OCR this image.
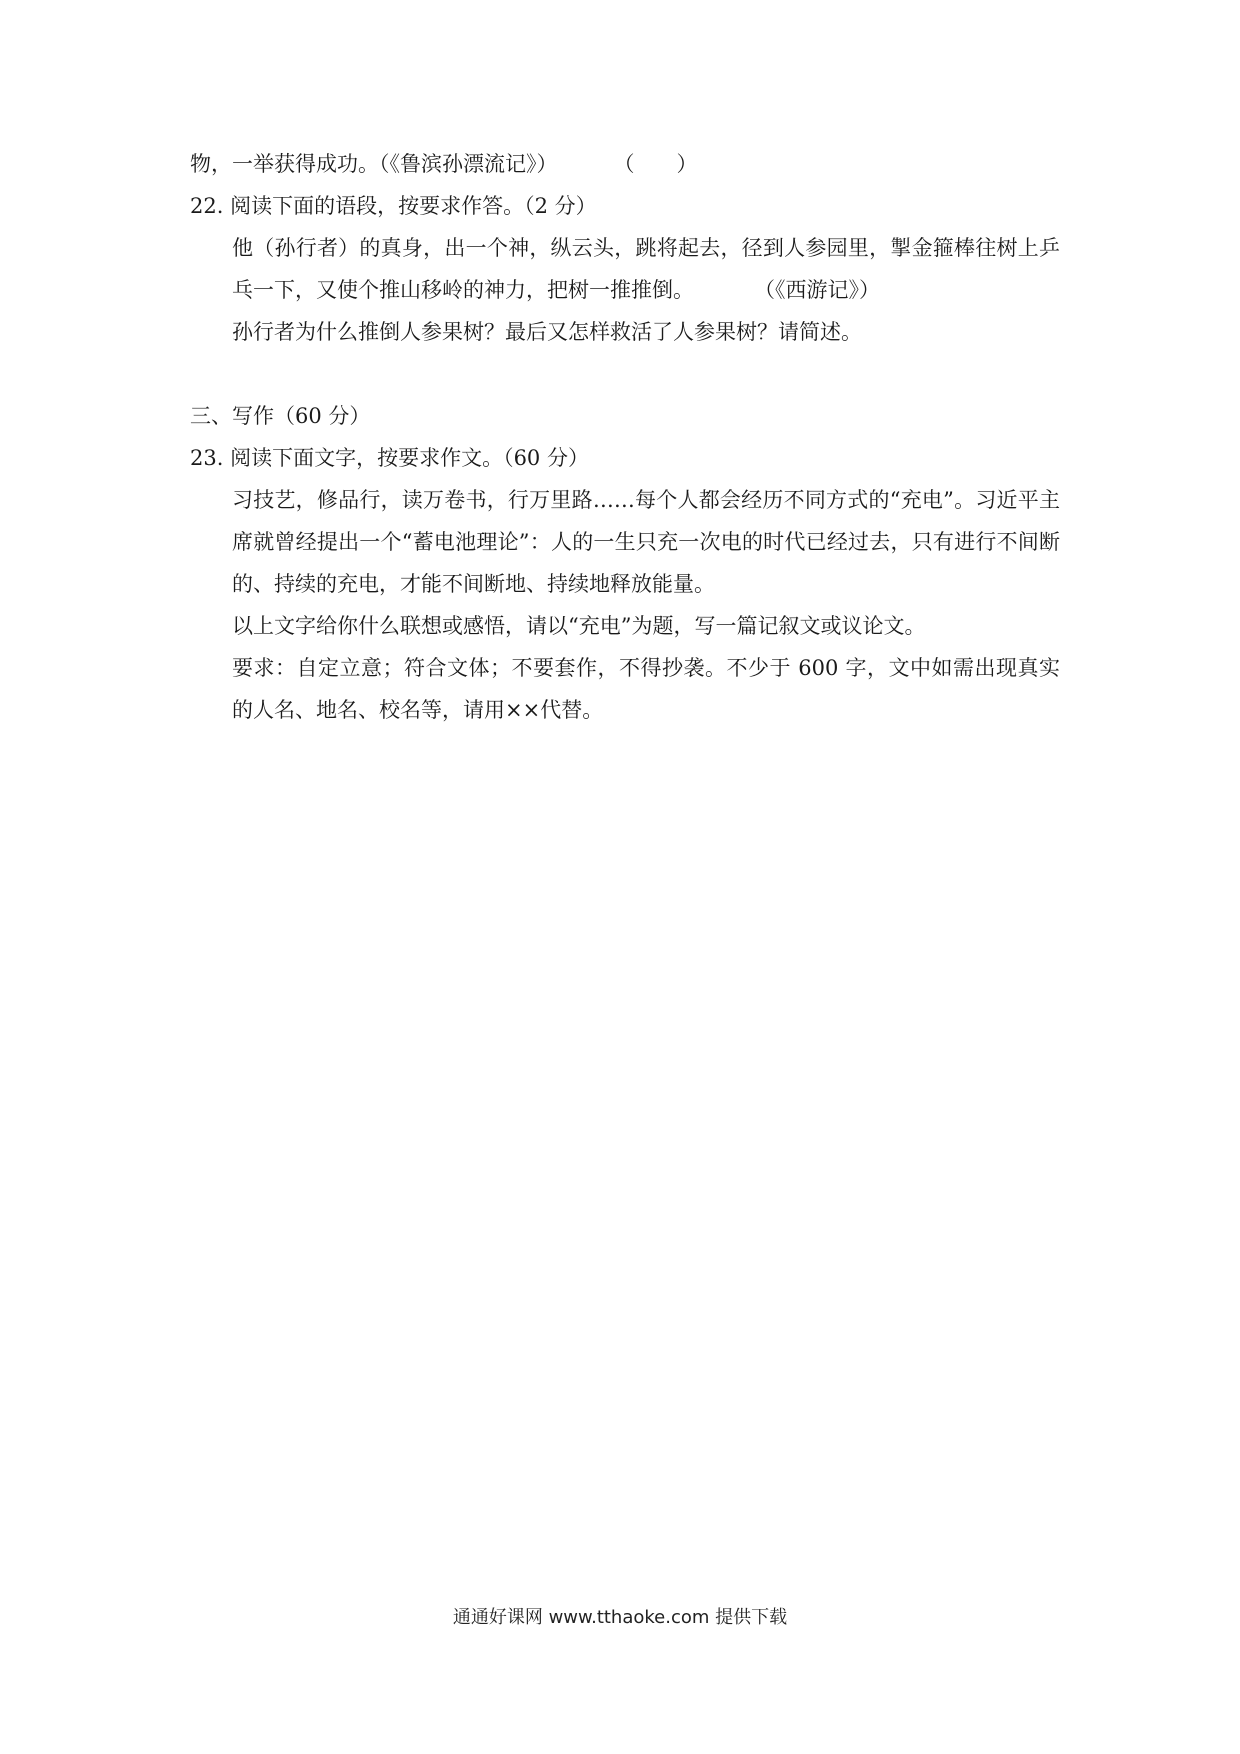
物，一举获得成功。（《鲁滨孙漂流记》）	（　　）

22. 阅读下面的语段，按要求作答。（2 分）

他（孙行者）的真身，出一个神，纵云头，跳将起去，径到人参园里，掣金箍棒往树上乒乓一下，又使个推山移岭的神力，把树一推推倒。	（《西游记》）

孙行者为什么推倒人参果树？最后又怎样救活了人参果树？请简述。

三、写作（60 分）

23. 阅读下面文字，按要求作文。（60 分）

习技艺，修品行，读万卷书，行万里路……每个人都会经历不同方式的“充电”。习近平主席就曾经提出一个“蓄电池理论”：人的一生只充一次电的时代已经过去，只有进行不间断的、持续的充电，才能不间断地、持续地释放能量。

以上文字给你什么联想或感悟，请以“充电”为题，写一篇记叙文或议论文。

要求：自定立意；符合文体；不要套作，不得抄袭。不少于 600 字，文中如需出现真实的人名、地名、校名等，请用××代替。

通通好课网 www.tthaoke.com 提供下载
